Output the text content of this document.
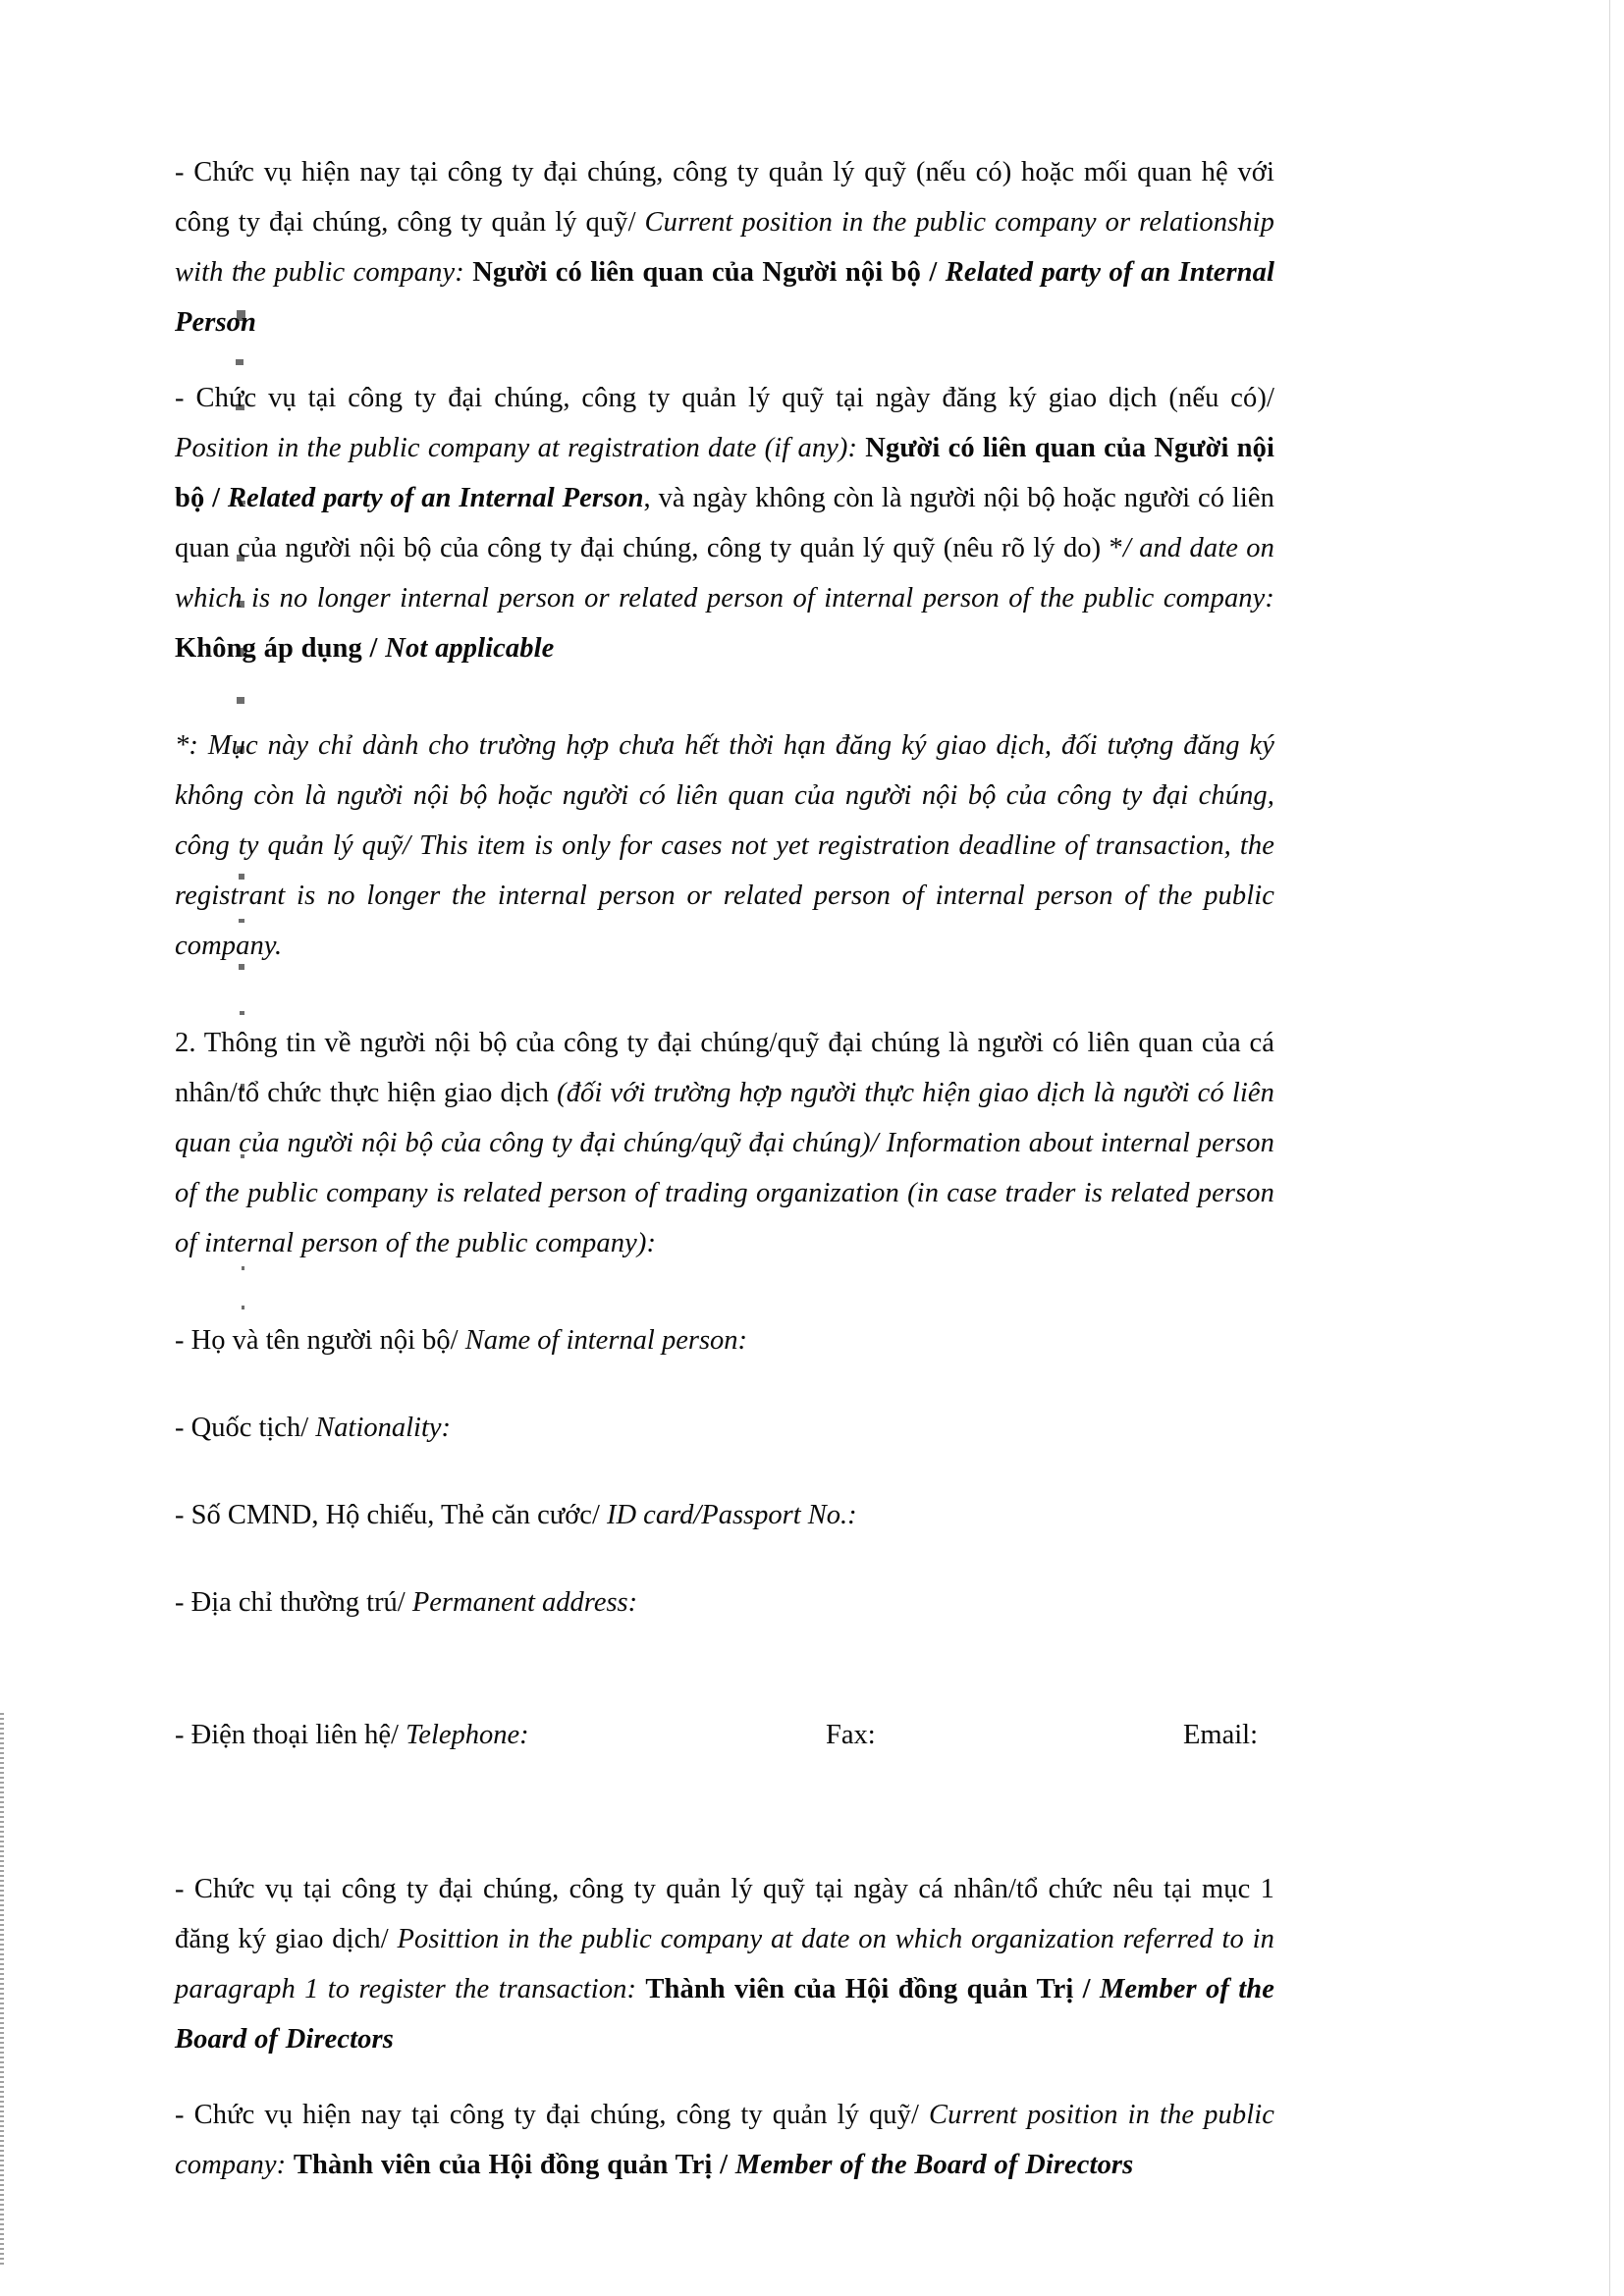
- Chức vụ hiện nay tại công ty đại chúng, công ty quản lý quỹ (nếu có) hoặc mối quan hệ với công ty đại chúng, công ty quản lý quỹ/ Current position in the public company or relationship with the public company: Người có liên quan của Người nội bộ / Related party of an Internal Person

- Chức vụ tại công ty đại chúng, công ty quản lý quỹ tại ngày đăng ký giao dịch (nếu có)/ Position in the public company at registration date (if any): Người có liên quan của Người nội bộ / Related party of an Internal Person, và ngày không còn là người nội bộ hoặc người có liên quan của người nội bộ của công ty đại chúng, công ty quản lý quỹ (nêu rõ lý do) */ and date on which is no longer internal person or related person of internal person of the public company: Không áp dụng / Not applicable

*: Mục này chỉ dành cho trường hợp chưa hết thời hạn đăng ký giao dịch, đối tượng đăng ký không còn là người nội bộ hoặc người có liên quan của người nội bộ của công ty đại chúng, công ty quản lý quỹ/ This item is only for cases not yet registration deadline of transaction, the registrant is no longer the internal person or related person of internal person of the public company.

2. Thông tin về người nội bộ của công ty đại chúng/quỹ đại chúng là người có liên quan của cá nhân/tổ chức thực hiện giao dịch (đối với trường hợp người thực hiện giao dịch là người có liên quan của người nội bộ của công ty đại chúng/quỹ đại chúng)/ Information about internal person of the public company is related person of trading organization (in case trader is related person of internal person of the public company):

- Họ và tên người nội bộ/ Name of internal person:

- Quốc tịch/ Nationality:

- Số CMND, Hộ chiếu, Thẻ căn cước/ ID card/Passport No.:

- Địa chỉ thường trú/ Permanent address:

- Điện thoại liên hệ/ Telephone:	Fax:	Email:

- Chức vụ tại công ty đại chúng, công ty quản lý quỹ tại ngày cá nhân/tổ chức nêu tại mục 1 đăng ký giao dịch/ Posittion in the public company at date on which organization referred to in paragraph 1 to register the transaction: Thành viên của Hội đồng quản Trị / Member of the Board of Directors

- Chức vụ hiện nay tại công ty đại chúng, công ty quản lý quỹ/ Current position in the public company: Thành viên của Hội đồng quản Trị / Member of the Board of Directors
